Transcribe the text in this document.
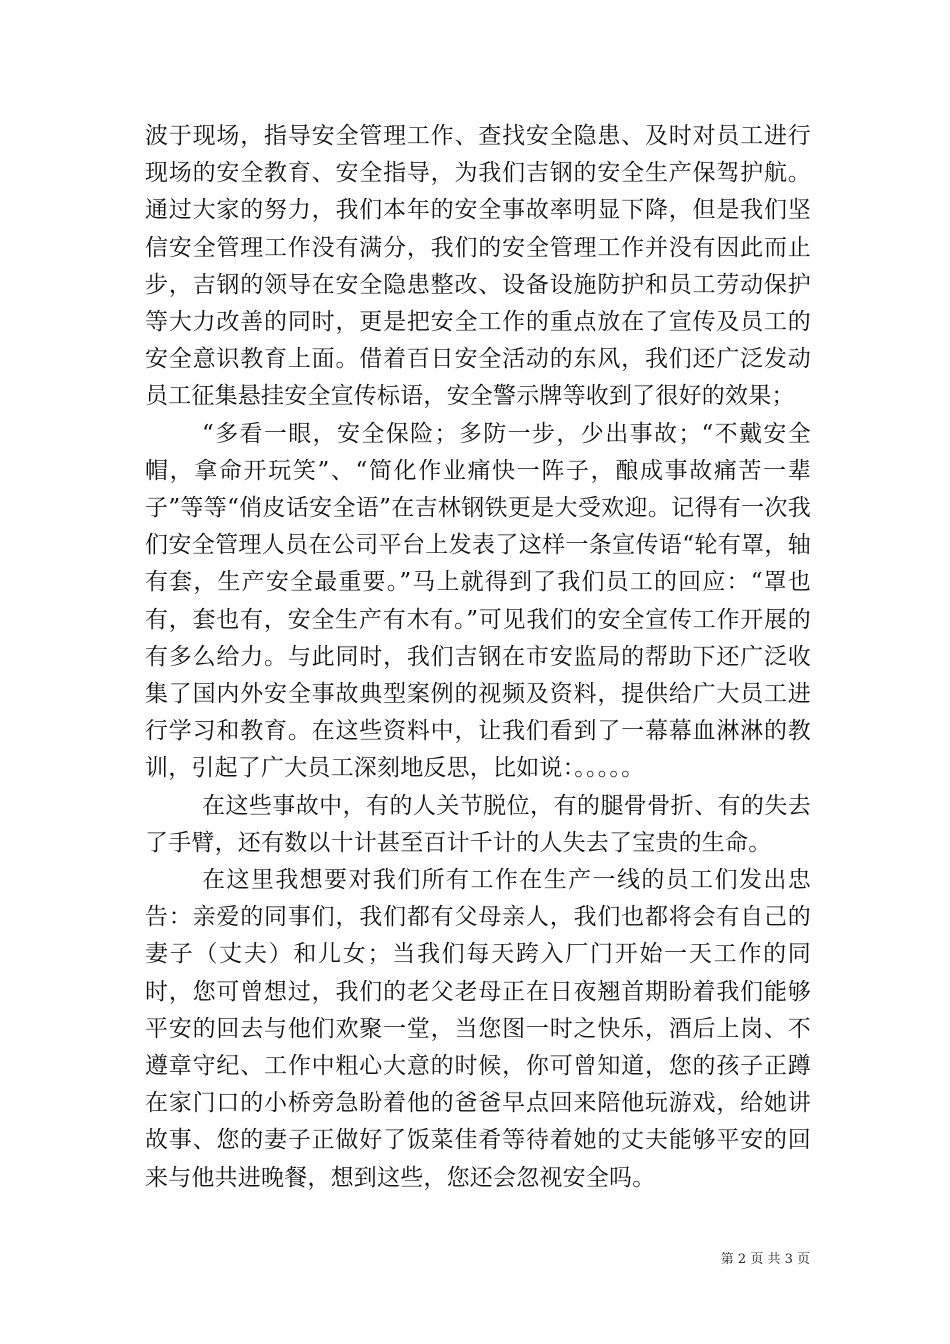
波于现场，指导安全管理工作、查找安全隐患、及时对员工进行现场的安全教育、安全指导，为我们吉钢的安全生产保驾护航。通过大家的努力，我们本年的安全事故率明显下降，但是我们坚信安全管理工作没有满分，我们的安全管理工作并没有因此而止步，吉钢的领导在安全隐患整改、设备设施防护和员工劳动保护等大力改善的同时，更是把安全工作的重点放在了宣传及员工的安全意识教育上面。借着百日安全活动的东风，我们还广泛发动员工征集悬挂安全宣传标语，安全警示牌等收到了很好的效果；

“多看一眼，安全保险；多防一步，少出事故；“不戴安全帽，拿命开玩笑”、“简化作业痛快一阵子，酿成事故痛苦一辈子”等等“俏皮话安全语”在吉林钢铁更是大受欢迎。记得有一次我们安全管理人员在公司平台上发表了这样一条宣传语“轮有罩，轴有套，生产安全最重要。”马上就得到了我们员工的回应：“罩也有，套也有，安全生产有木有。”可见我们的安全宣传工作开展的有多么给力。与此同时，我们吉钢在市安监局的帮助下还广泛收集了国内外安全事故典型案例的视频及资料，提供给广大员工进行学习和教育。在这些资料中，让我们看到了一幕幕血淋淋的教训，引起了广大员工深刻地反思，比如说：。。。。。

在这些事故中，有的人关节脱位，有的腿骨骨折、有的失去了手臂，还有数以十计甚至百计千计的人失去了宝贵的生命。

在这里我想要对我们所有工作在生产一线的员工们发出忠告：亲爱的同事们，我们都有父母亲人，我们也都将会有自己的妻子（丈夫）和儿女；当我们每天跨入厂门开始一天工作的同时，您可曾想过，我们的老父老母正在日夜翘首期盼着我们能够平安的回去与他们欢聚一堂，当您图一时之快乐，酒后上岗、不遵章守纪、工作中粗心大意的时候，你可曾知道，您的孩子正蹲在家门口的小桥旁急盼着他的爸爸早点回来陪他玩游戏，给她讲故事、您的妻子正做好了饭菜佳肴等待着她的丈夫能够平安的回来与他共进晚餐，想到这些，您还会忽视安全吗。

第 2 页 共 3 页
